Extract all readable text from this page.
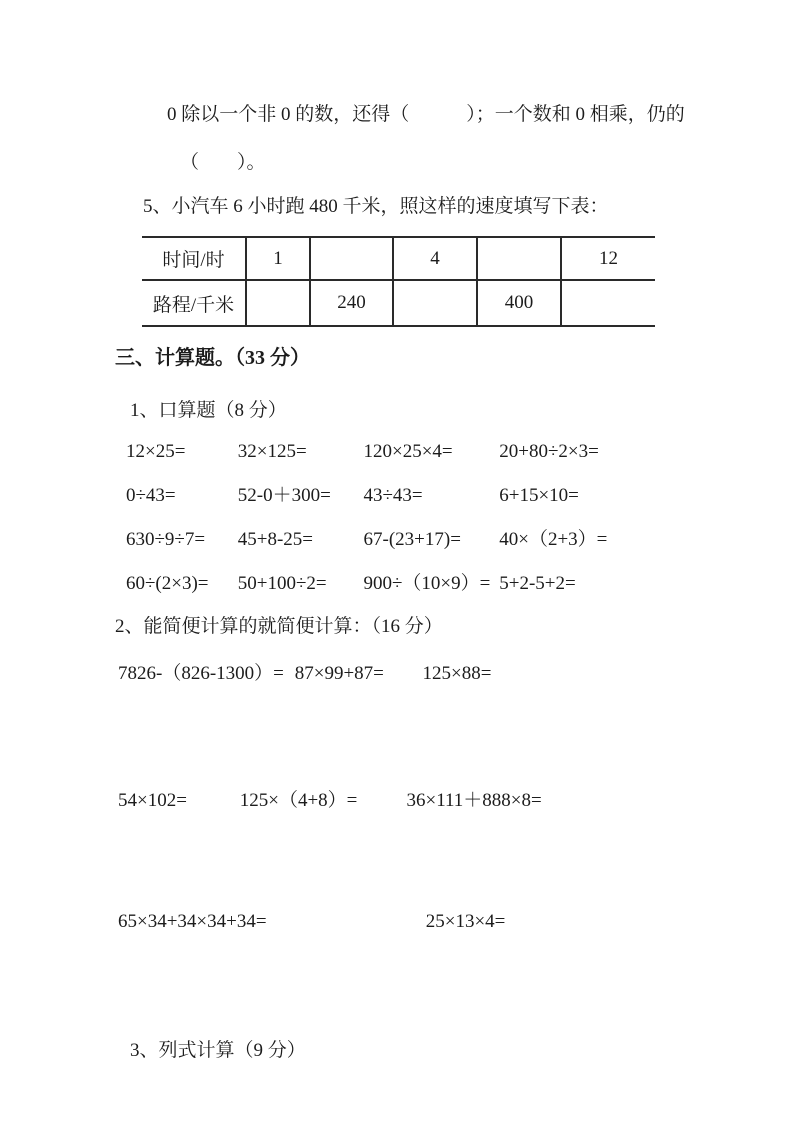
0 除以一个非 0 的数，还得（　　　）；一个数和 0 相乘，仍的
（　　）。
5、小汽车 6 小时跑 480 千米，照这样的速度填写下表：
时间/时	1		4		12
路程/千米		240		400	
三、计算题。（33 分）
1、口算题（8 分）
12×25=	32×125=	120×25×4= 20+80÷2×3=
0÷43=	52-0＋300= 43÷43=	6+15×10=
630÷9÷7= 45+8-25=	67-(23+17)= 40×（2+3）=
60÷(2×3)= 50+100÷2= 900÷（10×9）= 5+2-5+2=
2、能简便计算的就简便计算：（16 分）
7826-（826-1300）= 87×99+87= 125×88=
54×102=	125×（4+8）=	36×111＋888×8=
65×34+34×34+34=	25×13×4=
3、列式计算（9 分）
